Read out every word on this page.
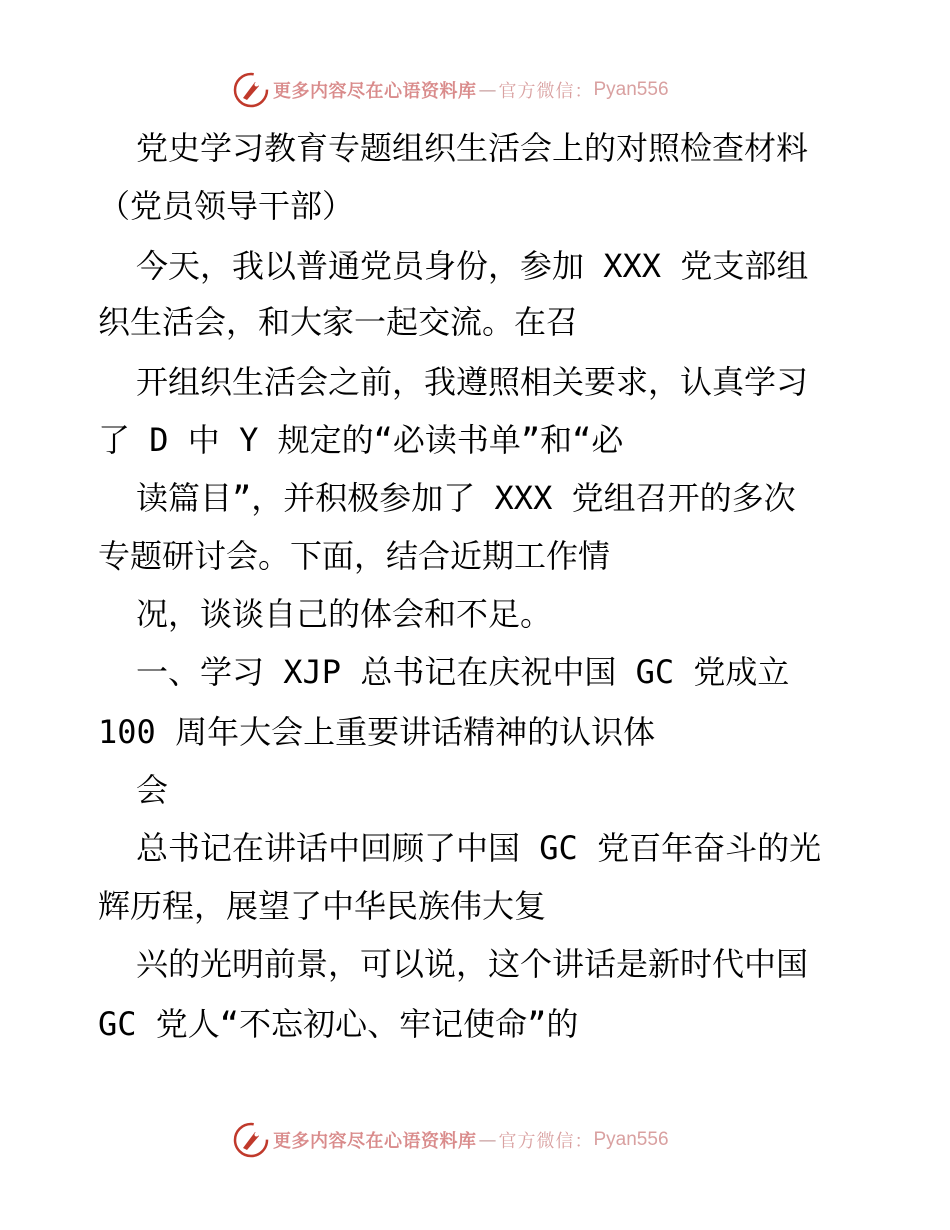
更多内容尽在心语资料库 — 官方微信： Pyan556
党史学习教育专题组织生活会上的对照检查材料
（党员领导干部）
今天，我以普通党员身份，参加 XXX 党支部组
织生活会，和大家一起交流。在召
开组织生活会之前，我遵照相关要求，认真学习
了 D 中 Y 规定的“必读书单”和“必
读篇目”，并积极参加了 XXX 党组召开的多次
专题研讨会。下面，结合近期工作情
况，谈谈自己的体会和不足。
一、学习 XJP 总书记在庆祝中国 GC 党成立
100 周年大会上重要讲话精神的认识体
会
总书记在讲话中回顾了中国 GC 党百年奋斗的光
辉历程，展望了中华民族伟大复
兴的光明前景，可以说，这个讲话是新时代中国
GC 党人“不忘初心、牢记使命”的
更多内容尽在心语资料库 — 官方微信： Pyan556
